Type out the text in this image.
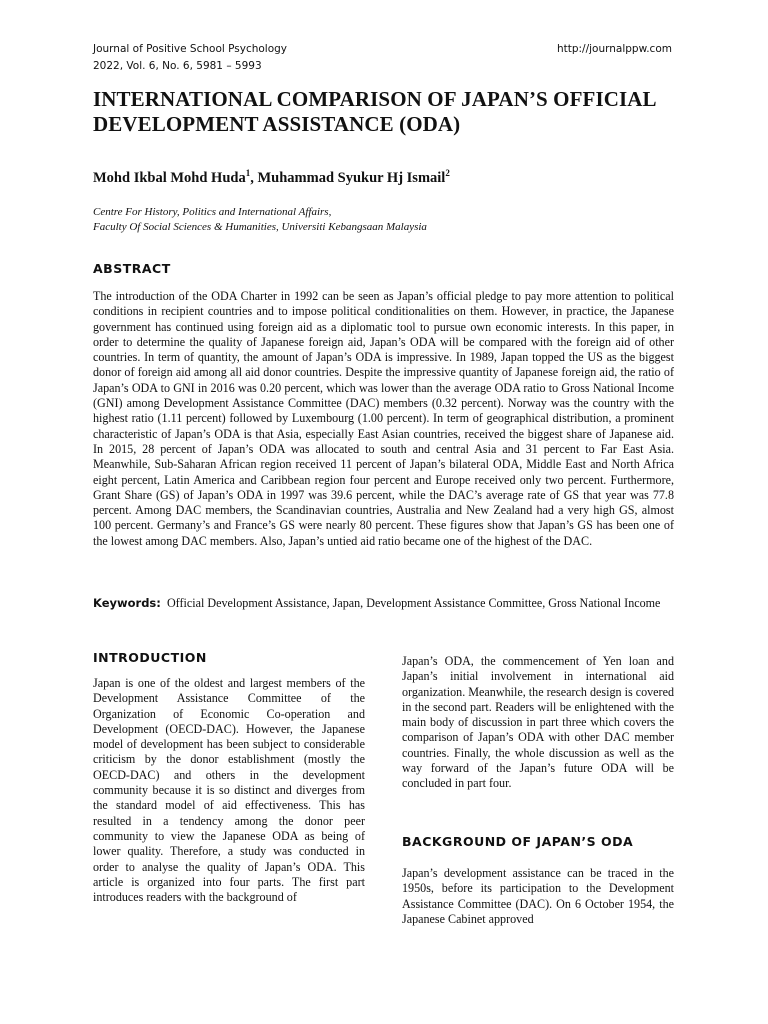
Journal of Positive School Psychology
2022, Vol. 6, No. 6, 5981 – 5993
http://journalppw.com
INTERNATIONAL COMPARISON OF JAPAN’S OFFICIAL DEVELOPMENT ASSISTANCE (ODA)
Mohd Ikbal Mohd Huda$^1$, Muhammad Syukur Hj Ismail$^2$
Centre For History, Politics and International Affairs,
Faculty Of Social Sciences & Humanities, Universiti Kebangsaan Malaysia
ABSTRACT
The introduction of the ODA Charter in 1992 can be seen as Japan’s official pledge to pay more attention to political conditions in recipient countries and to impose political conditionalities on them. However, in practice, the Japanese government has continued using foreign aid as a diplomatic tool to pursue own economic interests. In this paper, in order to determine the quality of Japanese foreign aid, Japan’s ODA will be compared with the foreign aid of other countries. In term of quantity, the amount of Japan’s ODA is impressive. In 1989, Japan topped the US as the biggest donor of foreign aid among all aid donor countries. Despite the impressive quantity of Japanese foreign aid, the ratio of Japan’s ODA to GNI in 2016 was 0.20 percent, which was lower than the average ODA ratio to Gross National Income (GNI) among Development Assistance Committee (DAC) members (0.32 percent). Norway was the country with the highest ratio (1.11 percent) followed by Luxembourg (1.00 percent). In term of geographical distribution, a prominent characteristic of Japan’s ODA is that Asia, especially East Asian countries, received the biggest share of Japanese aid. In 2015, 28 percent of Japan’s ODA was allocated to south and central Asia and 31 percent to Far East Asia. Meanwhile, Sub-Saharan African region received 11 percent of Japan’s bilateral ODA, Middle East and North Africa eight percent, Latin America and Caribbean region four percent and Europe received only two percent. Furthermore, Grant Share (GS) of Japan’s ODA in 1997 was 39.6 percent, while the DAC’s average rate of GS that year was 77.8 percent. Among DAC members, the Scandinavian countries, Australia and New Zealand had a very high GS, almost 100 percent. Germany’s and France’s GS were nearly 80 percent. These figures show that Japan’s GS has been one of the lowest among DAC members. Also, Japan’s untied aid ratio became one of the highest of the DAC.
Keywords: Official Development Assistance, Japan, Development Assistance Committee, Gross National Income
INTRODUCTION
Japan is one of the oldest and largest members of the Development Assistance Committee of the Organization of Economic Co-operation and Development (OECD-DAC). However, the Japanese model of development has been subject to considerable criticism by the donor establishment (mostly the OECD-DAC) and others in the development community because it is so distinct and diverges from the standard model of aid effectiveness. This has resulted in a tendency among the donor peer community to view the Japanese ODA as being of lower quality. Therefore, a study was conducted in order to analyse the quality of Japan’s ODA. This article is organized into four parts. The first part introduces readers with the background of
Japan’s ODA, the commencement of Yen loan and Japan’s initial involvement in international aid organization. Meanwhile, the research design is covered in the second part. Readers will be enlightened with the main body of discussion in part three which covers the comparison of Japan’s ODA with other DAC member countries. Finally, the whole discussion as well as the way forward of the Japan’s future ODA will be concluded in part four.
BACKGROUND OF JAPAN’S ODA
Japan’s development assistance can be traced in the 1950s, before its participation to the Development Assistance Committee (DAC). On 6 October 1954, the Japanese Cabinet approved
